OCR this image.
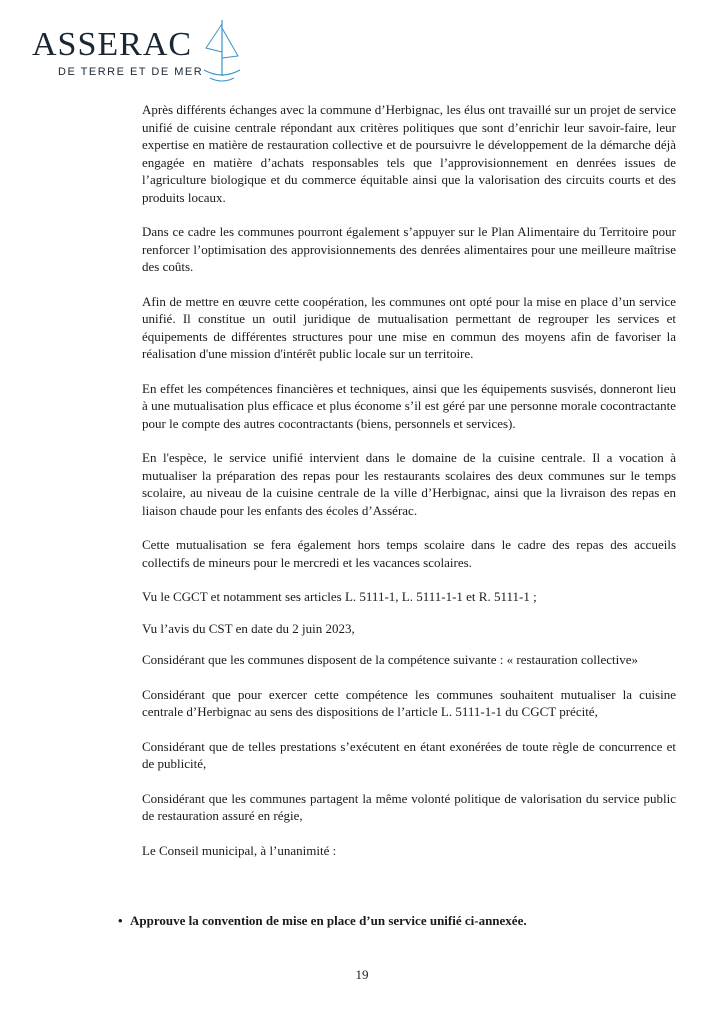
ASSERAC
DE TERRE ET DE MER

Après différents échanges avec la commune d’Herbignac, les élus ont travaillé sur un projet de service unifié de cuisine centrale répondant aux critères politiques que sont d’enrichir leur savoir-faire, leur expertise en matière de restauration collective et de poursuivre le développement de la démarche déjà engagée en matière d’achats responsables tels que l’approvisionnement en denrées issues de l’agriculture biologique et du commerce équitable ainsi que la valorisation des circuits courts et des produits locaux.

Dans ce cadre les communes pourront également s’appuyer sur le Plan Alimentaire du Territoire pour renforcer l’optimisation des approvisionnements des denrées alimentaires pour une meilleure maîtrise des coûts.

Afin de mettre en œuvre cette coopération, les communes ont opté pour la mise en place d’un service unifié. Il constitue un outil juridique de mutualisation permettant de regrouper les services et équipements de différentes structures pour une mise en commun des moyens afin de favoriser la réalisation d'une mission d'intérêt public locale sur un territoire.

En effet les compétences financières et techniques, ainsi que les équipements susvisés, donneront lieu à une mutualisation plus efficace et plus économe s’il est géré par une personne morale cocontractante pour le compte des autres cocontractants (biens, personnels et services).

En l'espèce, le service unifié intervient dans le domaine de la cuisine centrale. Il a vocation à mutualiser la préparation des repas pour les restaurants scolaires des deux communes sur le temps scolaire, au niveau de la cuisine centrale de la ville d’Herbignac, ainsi que la livraison des repas en liaison chaude pour les enfants des écoles d’Assérac.

Cette mutualisation se fera également hors temps scolaire dans le cadre des repas des accueils collectifs de mineurs pour le mercredi et les vacances scolaires.

Vu le CGCT et notamment ses articles L. 5111-1, L. 5111-1-1 et R. 5111-1 ;

Vu l’avis du CST en date du 2 juin 2023,

Considérant que les communes disposent de la compétence suivante : « restauration collective»

Considérant que pour exercer cette compétence les communes souhaitent mutualiser la cuisine centrale d’Herbignac au sens des dispositions de l’article L. 5111-1-1 du CGCT précité,

Considérant que de telles prestations s’exécutent en étant exonérées de toute règle de concurrence et de publicité,

Considérant que les communes partagent la même volonté politique de valorisation du service public de restauration assuré en régie,

Le Conseil municipal, à l’unanimité :

• Approuve la convention de mise en place d’un service unifié ci-annexée.
19
